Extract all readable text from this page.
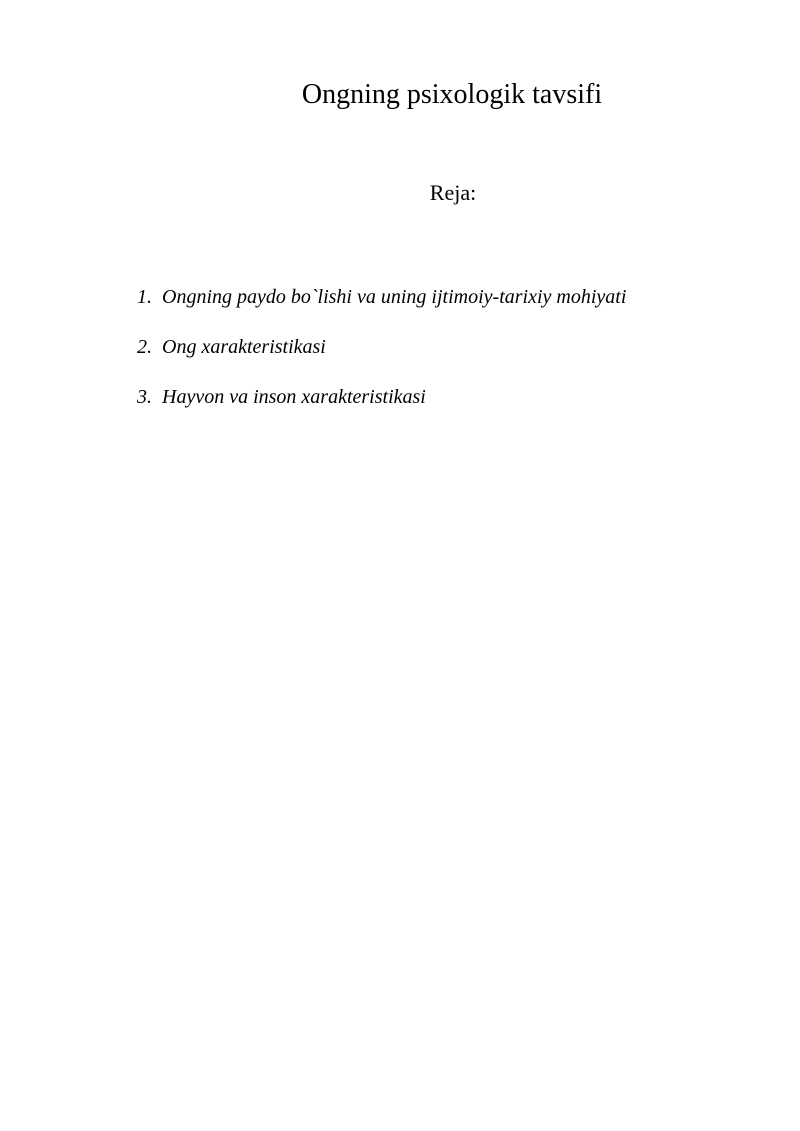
Ongning psixologik tavsifi
Reja:
1. Ongning paydo bo`lishi va uning ijtimoiy-tarixiy mohiyati
2. Ong xarakteristikasi
3. Hayvon va inson xarakteristikasi
